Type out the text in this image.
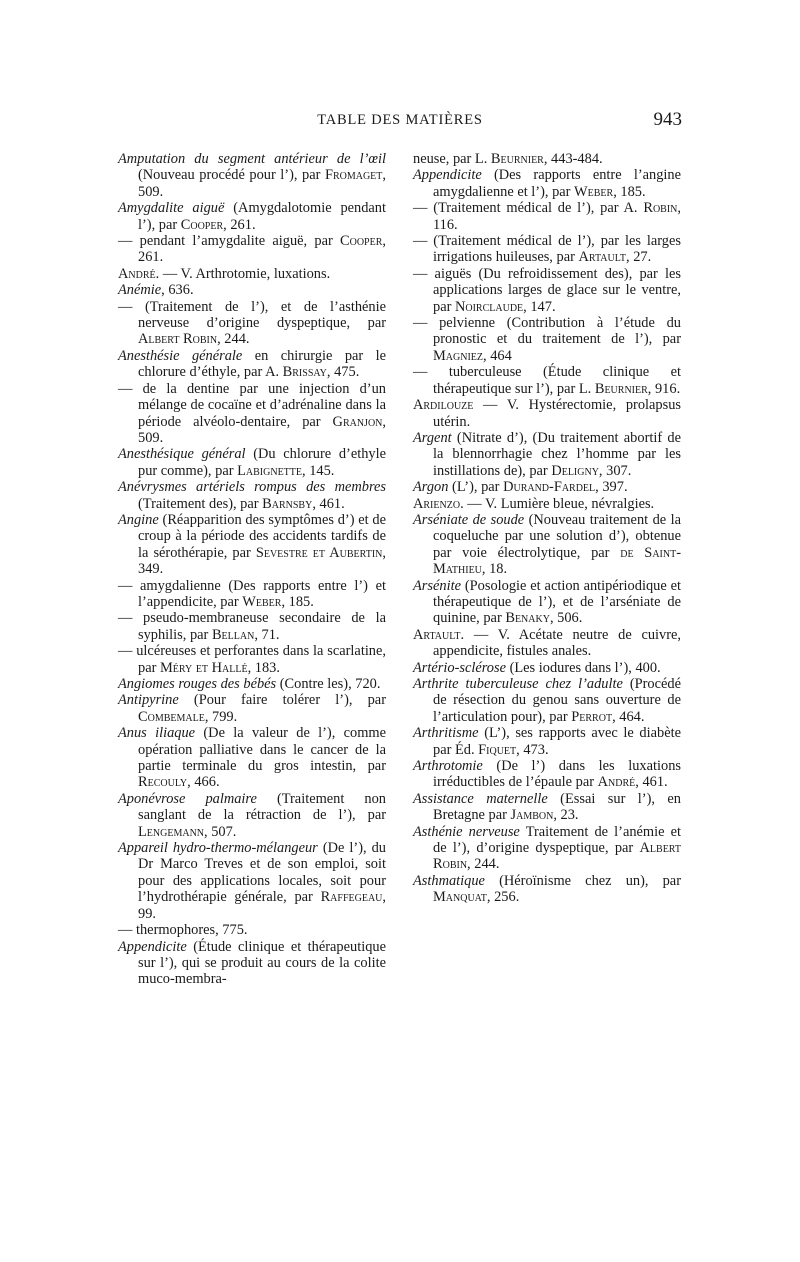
TABLE DES MATIÈRES	943

Amputation du segment antérieur de l’œil (Nouveau procédé pour l’), par Fromaget, 509.

Amygdalite aiguë (Amygdalotomie pendant l’), par Cooper, 261.

— pendant l’amygdalite aiguë, par Cooper, 261.

André. — V. Arthrotomie, luxations.

Anémie, 636.

— (Traitement de l’), et de l’asthénie nerveuse d’origine dyspeptique, par Albert Robin, 244.

Anesthésie générale en chirurgie par le chlorure d’éthyle, par A. Brissay, 475.

— de la dentine par une injection d’un mélange de cocaïne et d’adrénaline dans la période alvéolo-dentaire, par Granjon, 509.

Anesthésique général (Du chlorure d’ethyle pur comme), par Labignette, 145.

Anévrysmes artériels rompus des membres (Traitement des), par Barnsby, 461.

Angine (Réapparition des symptômes d’) et de croup à la période des accidents tardifs de la sérothérapie, par Sevestre et Aubertin, 349.

— amygdalienne (Des rapports entre l’) et l’appendicite, par Weber, 185.

— pseudo-membraneuse secondaire de la syphilis, par Bellan, 71.

— ulcéreuses et perforantes dans la scarlatine, par Méry et Hallé, 183.

Angiomes rouges des bébés (Contre les), 720.

Antipyrine (Pour faire tolérer l’), par Combemale, 799.

Anus iliaque (De la valeur de l’), comme opération palliative dans le cancer de la partie terminale du gros intestin, par Recouly, 466.

Aponévrose palmaire (Traitement non sanglant de la rétraction de l’), par Lengemann, 507.

Appareil hydro-thermo-mélangeur (De l’), du Dr Marco Treves et de son emploi, soit pour des applications locales, soit pour l’hydrothérapie générale, par Raffegeau, 99.

— thermophores, 775.

Appendicite (Étude clinique et thérapeutique sur l’), qui se produit au cours de la colite muco-membra-

neuse, par L. Beurnier, 443-484.

Appendicite (Des rapports entre l’angine amygdalienne et l’), par Weber, 185.

— (Traitement médical de l’), par A. Robin, 116.

— (Traitement médical de l’), par les larges irrigations huileuses, par Artault, 27.

— aiguës (Du refroidissement des), par les applications larges de glace sur le ventre, par Noirclaude, 147.

— pelvienne (Contribution à l’étude du pronostic et du traitement de l’), par Magniez, 464

— tuberculeuse (Étude clinique et thérapeutique sur l’), par L. Beurnier, 916.

Ardilouze — V. Hystérectomie, prolapsus utérin.

Argent (Nitrate d’), (Du traitement abortif de la blennorrhagie chez l’homme par les instillations de), par Deligny, 307.

Argon (L’), par Durand-Fardel, 397.

Arienzo. — V. Lumière bleue, névralgies.

Arséniate de soude (Nouveau traitement de la coqueluche par une solution d’), obtenue par voie électrolytique, par de Saint-Mathieu, 18.

Arsénite (Posologie et action antipériodique et thérapeutique de l’), et de l’arséniate de quinine, par Benaky, 506.

Artault. — V. Acétate neutre de cuivre, appendicite, fistules anales.

Artério-sclérose (Les iodures dans l’), 400.

Arthrite tuberculeuse chez l’adulte (Procédé de résection du genou sans ouverture de l’articulation pour), par Perrot, 464.

Arthritisme (L’), ses rapports avec le diabète par Éd. Fiquet, 473.

Arthrotomie (De l’) dans les luxations irréductibles de l’épaule par André, 461.

Assistance maternelle (Essai sur l’), en Bretagne par Jambon, 23.

Asthénie nerveuse Traitement de l’anémie et de l’), d’origine dyspeptique, par Albert Robin, 244.

Asthmatique (Héroïnisme chez un), par Manquat, 256.
